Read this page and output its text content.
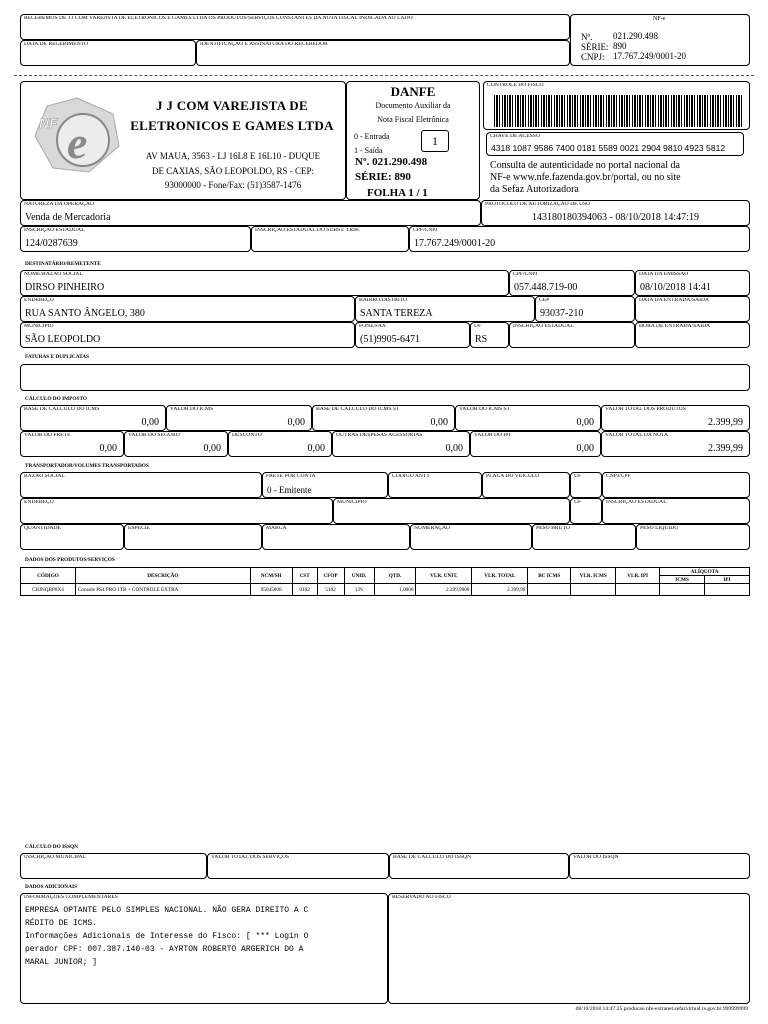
RECEBEMOS DE J J COM VAREJISTA DE ELETRONICOS E GAMES LTDA OS PRODUTOS/SERVIÇOS CONSTANTES DA NOTA FISCAL INDICADA AO LADO
DATA DE RECEBIMENTO	IDENTIFICAÇÃO E ASSINATURA DO RECEBEDOR
NF-e
Nº. 021.290.498
SÉRIE: 890
CNPJ: 17.767.249/0001-20
e
NF
J J COM VAREJISTA DE
ELETRONICOS E GAMES LTDA
AV MAUA, 3563 - LJ 16L8 E 16L10 - DUQUE
DE CAXIAS, SÃO LEOPOLDO, RS - CEP:
93000000 - Fone/Fax: (51)3587-1476
DANFE
Documento Auxiliar da
Nota Fiscal Eletrônica
0 - Entrada
1 - Saída
1
Nº. 021.290.498
SÉRIE: 890
FOLHA 1 / 1
CONTROLE DO FISCO
CHAVE DE ACESSO
4318 1087 9586 7400 0181 5589 0021 2904 9810 4923 5812
Consulta de autenticidade no portal nacional da
NF-e www.nfe.fazenda.gov.br/portal, ou no site
da Sefaz Autorizadora
NATUREZA DA OPERAÇÃO
Venda de Mercadoria
PROTOCOLO DE AUTORIZAÇÃO DE USO
143180180394063 - 08/10/2018 14:47:19
INSCRIÇÃO ESTADUAL
124/0287639
INSCRIÇÃO ESTADUAL DO SUBST. TRIB.	CPF/CNPJ
17.767.249/0001-20
DESTINATÁRIO/REMETENTE
NOME/RAZÃO SOCIAL
DIRSO PINHEIRO
CPF/CNPJ
057.448.719-00
DATA DA EMISSÃO
08/10/2018 14:41
ENDEREÇO
RUA SANTO ÂNGELO, 380
BAIRRO/DISTRITO
SANTA TEREZA
CEP
93037-210
DATA DA ENTRADA/SAÍDA
MUNICÍPIO
SÃO LEOPOLDO
FONE/FAX
(51)9905-6471
UF
RS
INSCRIÇÃO ESTADUAL	HORA DE ENTRADA/SAÍDA
FATURAS E DUPLICATAS
CÁLCULO DO IMPOSTO
BASE DE CÁLCULO DO ICMS
0,00
VALOR DO ICMS
0,00
BASE DE CÁLCULO DO ICMS ST
0,00
VALOR DO ICMS ST
0,00
VALOR TOTAL DOS PRODUTOS
2.399,99
VALOR DO FRETE
0,00
VALOR DO SEGURO
0,00
DESCONTO
0,00
OUTRAS DESPESAS ACESSÓRIAS
0,00
VALOR DO IPI
0,00
VALOR TOTAL DA NOTA
2.399,99
TRANSPORTADOR/VOLUMES TRANSPORTADOS
RAZÃO SOCIAL	FRETE POR CONTA
0 - Emitente
CÓDIGO ANTT	PLACA DO VEÍCULO	UF	CNPJ/CPF
ENDEREÇO	MUNICÍPIO	UF	INSCRIÇÃO ESTADUAL
QUANTIDADE	ESPÉCIE	MARCA	NUMERAÇÃO	PESO BRUTO	PESO LÍQUIDO
DADOS DOS PRODUTOS/SERVIÇOS
CÓDIGO	DESCRIÇÃO	NCM/SH	CST	CFOP	UNID.	QTD.	VLR. UNIT.	VLR. TOTAL	BC ICMS	VLR. ICMS	VLR. IPI	ALÍQUOTA	
												ICMS	IPI
CBJNQBP8X4	Console PS4 PRO 1TB + CONTROLE EXTRA	95045000	0102	5102	UN	1,0000	2.399,9900	2.399,99					
CÁLCULO DO ISSQN
INSCRIÇÃO MUNICIPAL	VALOR TOTAL DOS SERVIÇOS	BASE DE CÁLCULO DO ISSQN	VALOR DO ISSQN
DADOS ADICIONAIS
INFORMAÇÕES COMPLEMENTARES
EMPRESA OPTANTE PELO SIMPLES NACIONAL. NÃO GERA DIREITO A C
RÉDITO DE ICMS.
Informações Adicionais de Interesse do Fisco: [ *** Login O
perador CPF: 007.387.140-03 - AYRTON ROBERTO ARGERICH DO A
MARAL JUNIOR; ]
RESERVADO AO FISCO
08/10/2018 14:47:25 producao nfe-extranet.sefazvirtual.rs.gov.br 999999999
